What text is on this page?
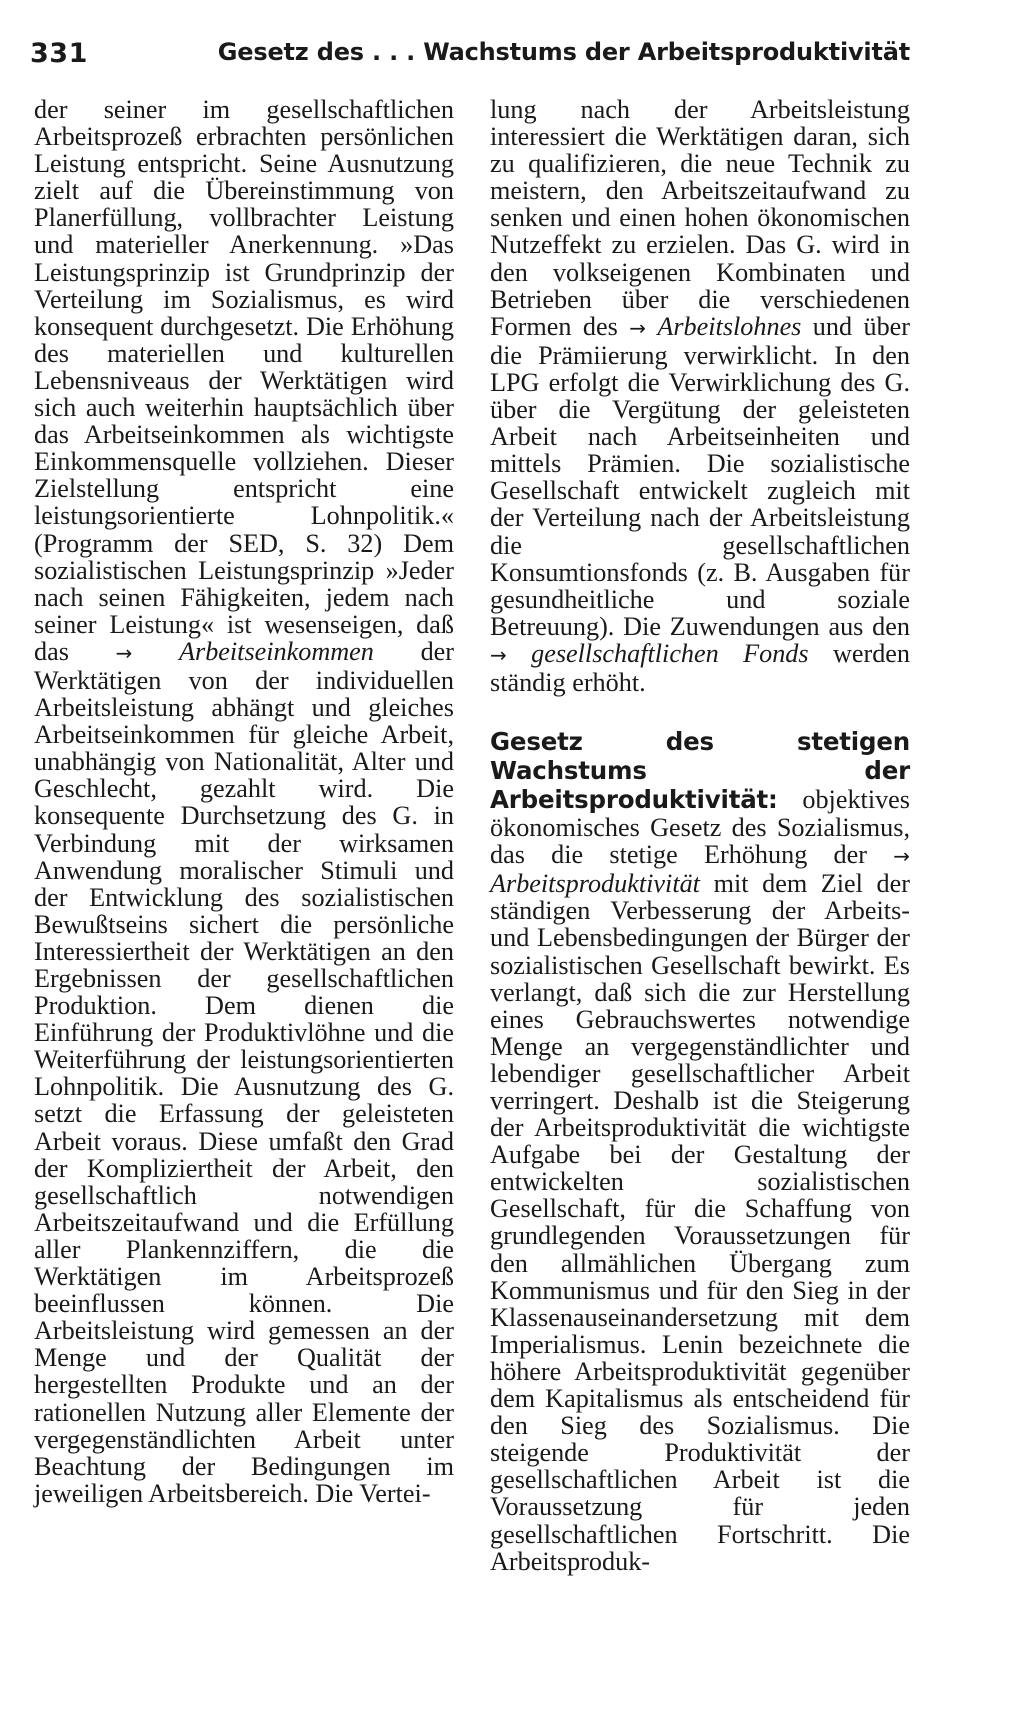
331	Gesetz des . . . Wachstums der Arbeitsproduktivität

der seiner im gesellschaftlichen Arbeitsprozeß erbrachten persönlichen Leistung entspricht. Seine Ausnutzung zielt auf die Übereinstimmung von Planerfüllung, vollbrachter Leistung und materieller Anerkennung. »Das Leistungsprinzip ist Grundprinzip der Verteilung im Sozialismus, es wird konsequent durchgesetzt. Die Erhöhung des materiellen und kulturellen Lebensniveaus der Werktätigen wird sich auch weiterhin hauptsächlich über das Arbeitseinkommen als wichtigste Einkommensquelle vollziehen. Dieser Zielstellung entspricht eine leistungsorientierte Lohnpolitik.« (Programm der SED, S. 32) Dem sozialistischen Leistungsprinzip »Jeder nach seinen Fähigkeiten, jedem nach seiner Leistung« ist wesenseigen, daß das → Arbeitseinkommen der Werktätigen von der individuellen Arbeitsleistung abhängt und gleiches Arbeitseinkommen für gleiche Arbeit, unabhängig von Nationalität, Alter und Geschlecht, gezahlt wird. Die konsequente Durchsetzung des G. in Verbindung mit der wirksamen Anwendung moralischer Stimuli und der Entwicklung des sozialistischen Bewußtseins sichert die persönliche Interessiertheit der Werktätigen an den Ergebnissen der gesellschaftlichen Produktion. Dem dienen die Einführung der Produktivlöhne und die Weiterführung der leistungsorientierten Lohnpolitik. Die Ausnutzung des G. setzt die Erfassung der geleisteten Arbeit voraus. Diese umfaßt den Grad der Kompliziertheit der Arbeit, den gesellschaftlich notwendigen Arbeitszeitaufwand und die Erfüllung aller Plankennziffern, die die Werktätigen im Arbeitsprozeß beeinflussen können. Die Arbeitsleistung wird gemessen an der Menge und der Qualität der hergestellten Produkte und an der rationellen Nutzung aller Elemente der vergegenständlichten Arbeit unter Beachtung der Bedingungen im jeweiligen Arbeitsbereich. Die Vertei-

lung nach der Arbeitsleistung interessiert die Werktätigen daran, sich zu qualifizieren, die neue Technik zu meistern, den Arbeitszeitaufwand zu senken und einen hohen ökonomischen Nutzeffekt zu erzielen. Das G. wird in den volkseigenen Kombinaten und Betrieben über die verschiedenen Formen des → Arbeitslohnes und über die Prämiierung verwirklicht. In den LPG erfolgt die Verwirklichung des G. über die Vergütung der geleisteten Arbeit nach Arbeitseinheiten und mittels Prämien. Die sozialistische Gesellschaft entwickelt zugleich mit der Verteilung nach der Arbeitsleistung die gesellschaftlichen Konsumtionsfonds (z. B. Ausgaben für gesundheitliche und soziale Betreuung). Die Zuwendungen aus den → gesellschaftlichen Fonds werden ständig erhöht.

Gesetz des stetigen Wachstums der Arbeitsproduktivität: objektives ökonomisches Gesetz des Sozialismus, das die stetige Erhöhung der → Arbeitsproduktivität mit dem Ziel der ständigen Verbesserung der Arbeits- und Lebensbedingungen der Bürger der sozialistischen Gesellschaft bewirkt. Es verlangt, daß sich die zur Herstellung eines Gebrauchswertes notwendige Menge an vergegenständlichter und lebendiger gesellschaftlicher Arbeit verringert. Deshalb ist die Steigerung der Arbeitsproduktivität die wichtigste Aufgabe bei der Gestaltung der entwickelten sozialistischen Gesellschaft, für die Schaffung von grundlegenden Voraussetzungen für den allmählichen Übergang zum Kommunismus und für den Sieg in der Klassenauseinandersetzung mit dem Imperialismus. Lenin bezeichnete die höhere Arbeitsproduktivität gegenüber dem Kapitalismus als entscheidend für den Sieg des Sozialismus. Die steigende Produktivität der gesellschaftlichen Arbeit ist die Voraussetzung für jeden gesellschaftlichen Fortschritt. Die Arbeitsproduk-
